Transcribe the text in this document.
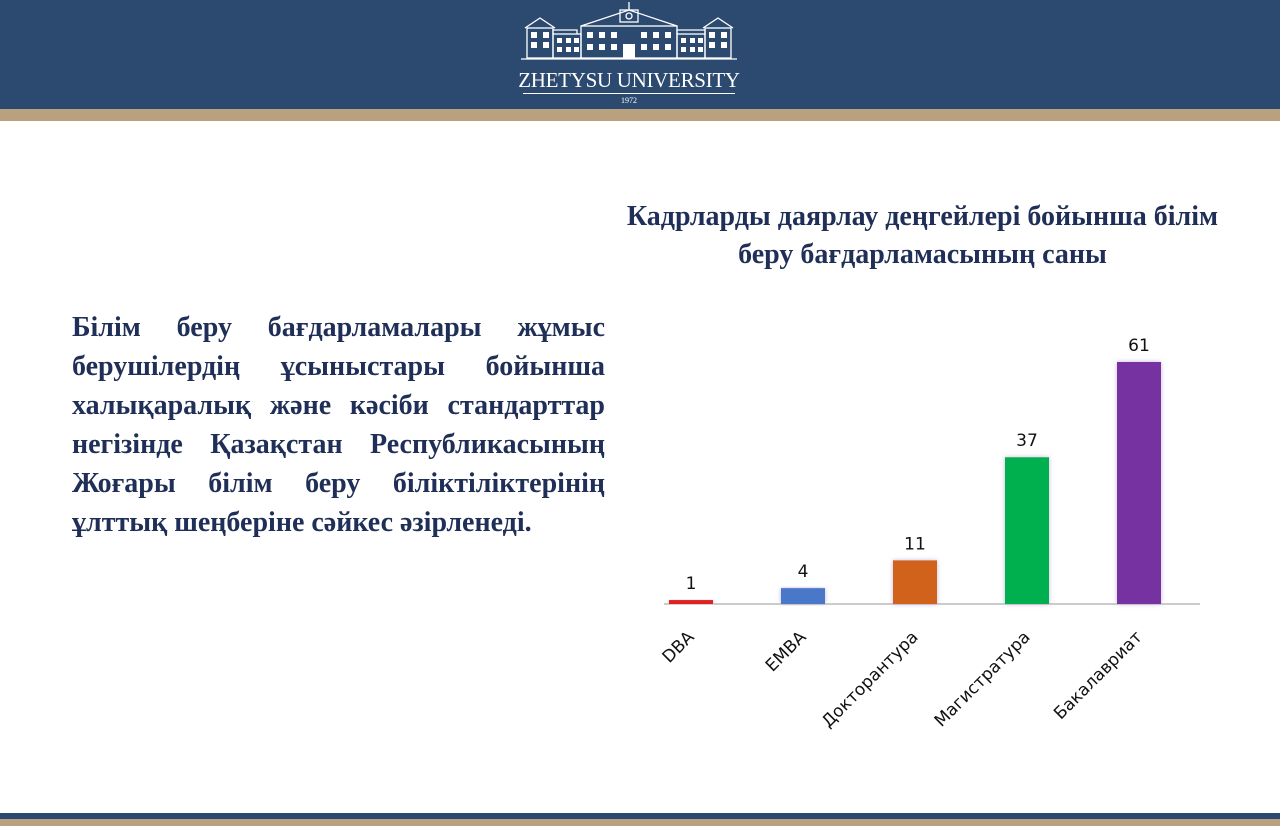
ZHETYSU UNIVERSITY
1972
Кадрларды даярлау деңгейлері бойынша білім беру бағдарламасының саны
Білім беру бағдарламалары жұмыс берушілердің ұсыныстары бойынша халықаралық және кәсіби стандарттар негізінде Қазақстан Республикасының Жоғары білім беру біліктіліктерінің ұлттық шеңберіне сәйкес әзірленеді.
1
DBA
4
EMBA
11
Докторантура
37
Магистратура
61
Бакалавриат
